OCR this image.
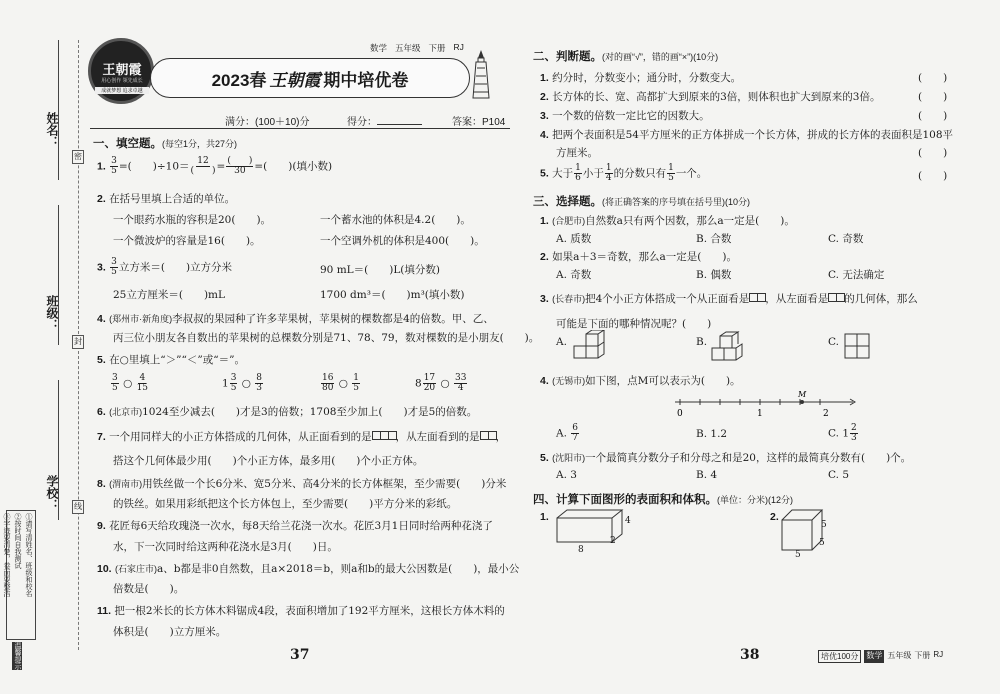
姓名：
班级：
学校：
密
封
线
①请写清姓名、班级和校名
②按时间自我测试
③字迹要清楚，卷面要整洁
温馨提示
王朝霞
用心创作 领先成长
成就梦想 追求卓越
数学 五年级 下册 RJ
2023春 王朝霞 期中培优卷
满分：(100＋10)分	得分：	答案：P104
一、填空题。(每空1分，共27分)
1. $\frac{3}{5}$ =(　　)$\div 10= \frac{12}{( )} = \frac{( )}{30}$ =(　　)(填小数)
2. 在括号里填上合适的单位。
一个眼药水瓶的容积是20(　　)。	一个蓄水池的体积是4.2(　　)。
一个微波炉的容量是16(　　)。	一个空调外机的体积是400(　　)。
3. $\frac{3}{5}$ 立方米＝(　　)立方分米	90 mL＝(　　)L(填分数)
25立方厘米＝(　　)mL	1700 dm³＝(　　)m³(填小数)
4. (郑州市·新角度)李叔叔的果园种了许多苹果树，苹果树的棵数都是4的倍数。甲、乙、
丙三位小朋友各自数出的苹果树的总棵数分别是71、78、79，数对棵数的是小朋友(　　)。
5. 在○里填上“＞”“＜”或“＝”。
$\frac{3}{5}$ ○ $\frac{4}{15}$	$1 \frac{3}{5}$ ○ $\frac{8}{3}$	$\frac{16}{80}$ ○ $\frac{1}{5}$	$8 \frac{17}{20}$ ○ $\frac{33}{4}$
6. (北京市)1024至少减去(　　)才是3的倍数；1708至少加上(　　)才是5的倍数。
7. 一个用同样大的小正方体搭成的几何体，从正面看到的是 ，从左面看到的是 ，
搭这个几何体最少用(　　)个小正方体，最多用(　　)个小正方体。
8. (渭南市)用铁丝做一个长6分米、宽5分米、高4分米的长方体框架，至少需要(　　)分米
的铁丝。如果用彩纸把这个长方体包上，至少需要(　　)平方分米的彩纸。
9. 花匠每6天给玫瑰浇一次水，每8天给兰花浇一次水。花匠3月1日同时给两种花浇了
水，下一次同时给这两种花浇水是3月(　　)日。
10. (石家庄市)a、b都是非0自然数，且a×2018＝b，则a和b的最大公因数是(　　)，最小公
倍数是(　　)。
11. 把一根2米长的长方体木料锯成4段，表面积增加了192平方厘米，这根长方体木料的
体积是(　　)立方厘米。
37
二、判断题。(对的画“√”，错的画“×”)(10分)
1. 约分时，分数变小；通分时，分数变大。	(　　)
2. 长方体的长、宽、高都扩大到原来的3倍，则体积也扩大到原来的3倍。	(　　)
3. 一个数的倍数一定比它的因数大。	(　　)
4. 把两个表面积是54平方厘米的正方体拼成一个长方体，拼成的长方体的表面积是108平
方厘米。	(　　)
5. 大于 $\frac{1}{6}$ 小于 $\frac{1}{4}$ 的分数只有 $\frac{1}{5}$ 一个。	(　　)
三、选择题。(将正确答案的序号填在括号里)(10分)
1. (合肥市)自然数a只有两个因数，那么a一定是(　　)。
A. 质数	B. 合数	C. 奇数
2. 如果a＋3＝奇数，那么a一定是(　　)。
A. 奇数	B. 偶数	C. 无法确定
3. (长春市)把4个小正方体搭成一个从正面看是 ，从左面看是 的几何体，那么
可能是下面的哪种情况呢？(　　)
A.	B.	C.
4. (无锡市)如下图，点M可以表示为(　　)。
0	1	2
M
A. $\frac{6}{7}$	B. 1.2	C. $1 \frac{2}{3}$
5. (沈阳市)一个最简真分数分子和分母之和是20，这样的最简真分数有(　　)个。
A. 3	B. 4	C. 5
四、计算下面图形的表面积和体积。(单位：分米)(12分)
1.	4
2
8
2.
5
5
5
38	培优100分	数学 五年级 下册 RJ
